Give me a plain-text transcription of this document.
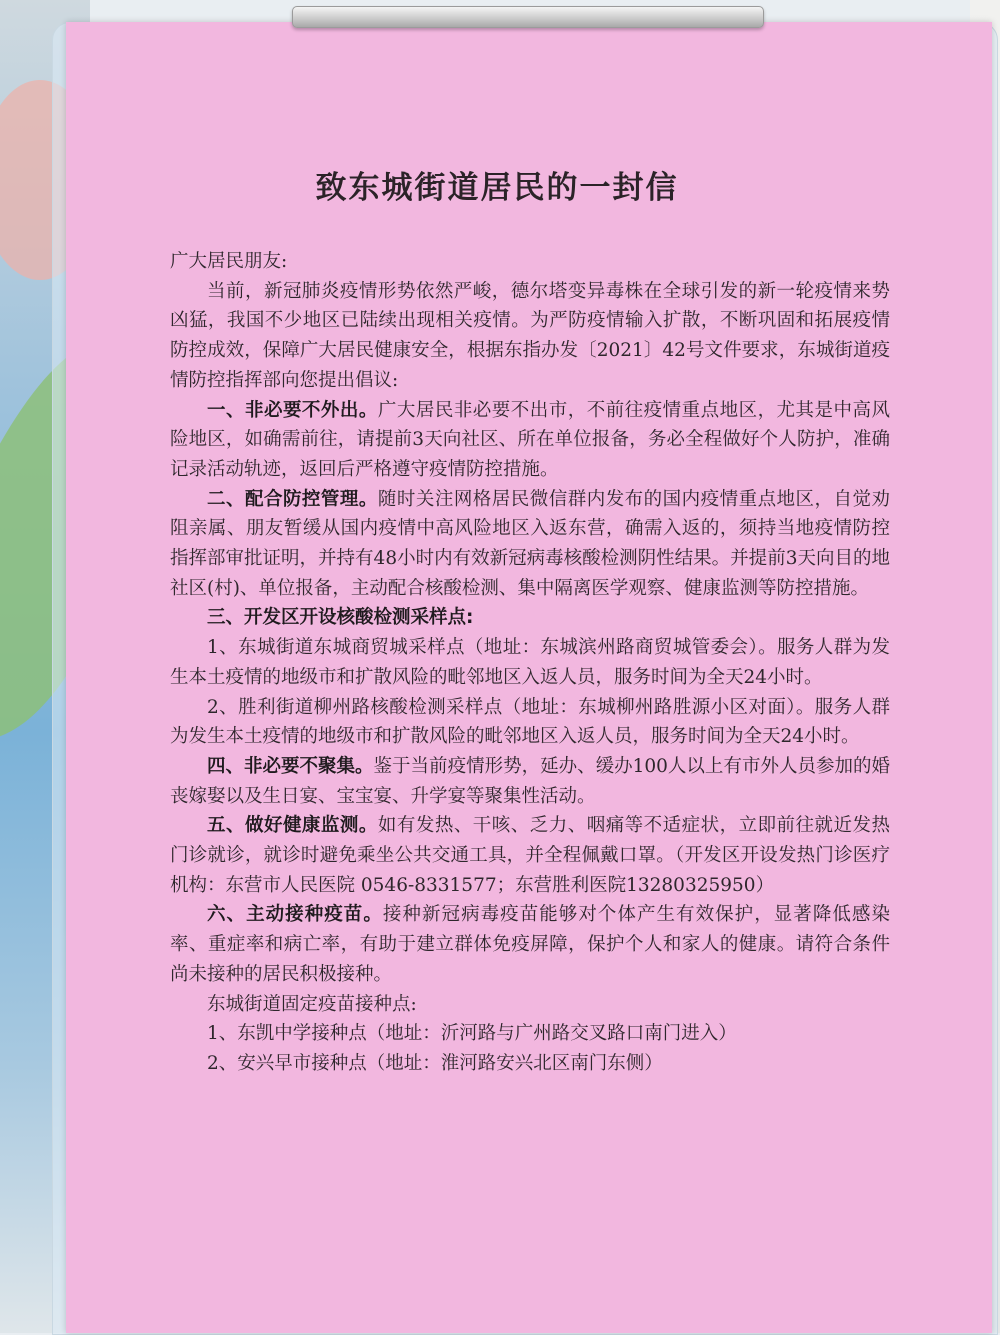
致东城街道居民的一封信

广大居民朋友:

当前，新冠肺炎疫情形势依然严峻，德尔塔变异毒株在全球引发的新一轮疫情来势凶猛，我国不少地区已陆续出现相关疫情。为严防疫情输入扩散，不断巩固和拓展疫情防控成效，保障广大居民健康安全，根据东指办发〔2021〕42号文件要求，东城街道疫情防控指挥部向您提出倡议:

一、非必要不外出。广大居民非必要不出市，不前往疫情重点地区，尤其是中高风险地区，如确需前往，请提前3天向社区、所在单位报备，务必全程做好个人防护，准确记录活动轨迹，返回后严格遵守疫情防控措施。

二、配合防控管理。随时关注网格居民微信群内发布的国内疫情重点地区，自觉劝阻亲属、朋友暂缓从国内疫情中高风险地区入返东营，确需入返的，须持当地疫情防控指挥部审批证明，并持有48小时内有效新冠病毒核酸检测阴性结果。并提前3天向目的地社区(村)、单位报备，主动配合核酸检测、集中隔离医学观察、健康监测等防控措施。

三、开发区开设核酸检测采样点:

1、东城街道东城商贸城采样点（地址：东城滨州路商贸城管委会）。服务人群为发生本土疫情的地级市和扩散风险的毗邻地区入返人员，服务时间为全天24小时。

2、胜利街道柳州路核酸检测采样点（地址：东城柳州路胜源小区对面）。服务人群为发生本土疫情的地级市和扩散风险的毗邻地区入返人员，服务时间为全天24小时。

四、非必要不聚集。鉴于当前疫情形势，延办、缓办100人以上有市外人员参加的婚丧嫁娶以及生日宴、宝宝宴、升学宴等聚集性活动。

五、做好健康监测。如有发热、干咳、乏力、咽痛等不适症状，立即前往就近发热门诊就诊，就诊时避免乘坐公共交通工具，并全程佩戴口罩。（开发区开设发热门诊医疗机构：东营市人民医院 0546-8331577；东营胜利医院13280325950）

六、主动接种疫苗。接种新冠病毒疫苗能够对个体产生有效保护，显著降低感染率、重症率和病亡率，有助于建立群体免疫屏障，保护个人和家人的健康。请符合条件尚未接种的居民积极接种。

东城街道固定疫苗接种点:

1、东凯中学接种点（地址：沂河路与广州路交叉路口南门进入）

2、安兴早市接种点（地址：淮河路安兴北区南门东侧）
